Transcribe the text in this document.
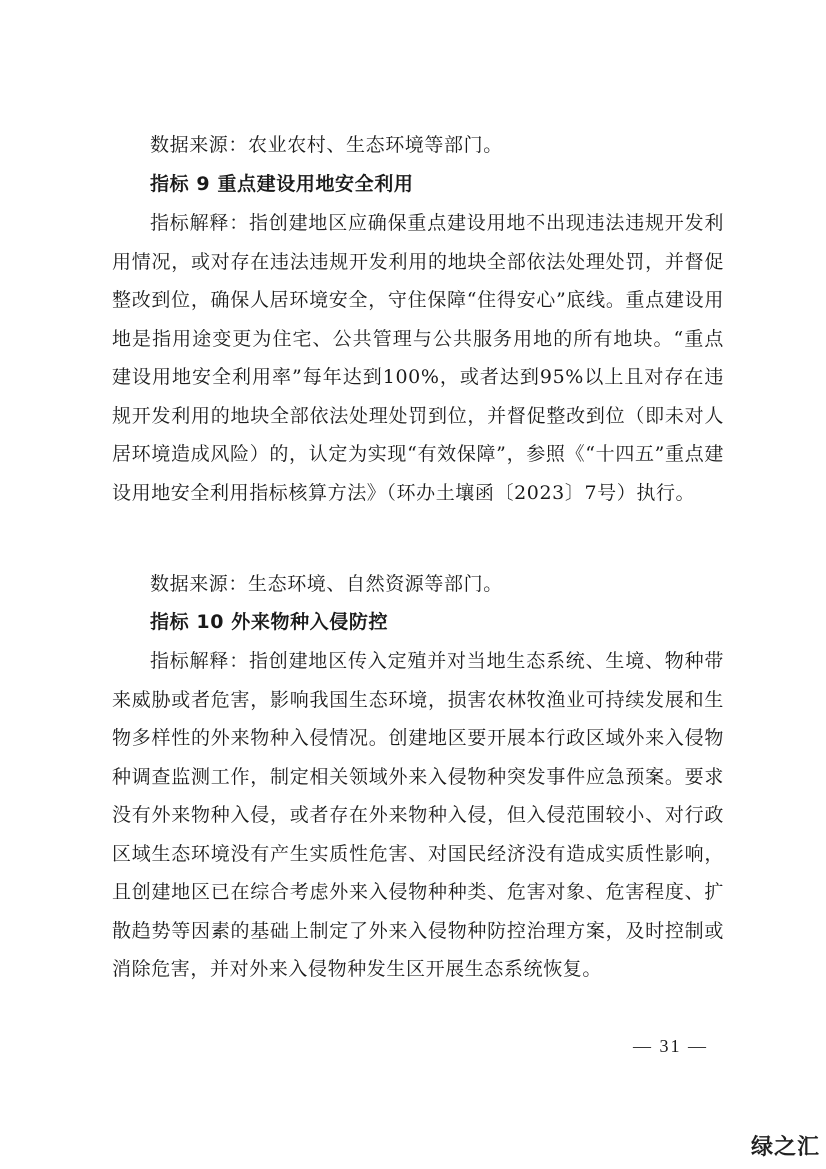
数据来源：农业农村、生态环境等部门。

指标 9 重点建设用地安全利用

指标解释：指创建地区应确保重点建设用地不出现违法违规开发利用情况，或对存在违法违规开发利用的地块全部依法处理处罚，并督促整改到位，确保人居环境安全，守住保障“住得安心”底线。重点建设用地是指用途变更为住宅、公共管理与公共服务用地的所有地块。“重点建设用地安全利用率”每年达到100%，或者达到95%以上且对存在违规开发利用的地块全部依法处理处罚到位，并督促整改到位（即未对人居环境造成风险）的，认定为实现“有效保障”，参照《“十四五”重点建设用地安全利用指标核算方法》（环办土壤函〔2023〕7号）执行。

数据来源：生态环境、自然资源等部门。

指标 10 外来物种入侵防控

指标解释：指创建地区传入定殖并对当地生态系统、生境、物种带来威胁或者危害，影响我国生态环境，损害农林牧渔业可持续发展和生物多样性的外来物种入侵情况。创建地区要开展本行政区域外来入侵物种调查监测工作，制定相关领域外来入侵物种突发事件应急预案。要求没有外来物种入侵，或者存在外来物种入侵，但入侵范围较小、对行政区域生态环境没有产生实质性危害、对国民经济没有造成实质性影响，且创建地区已在综合考虑外来入侵物种种类、危害对象、危害程度、扩散趋势等因素的基础上制定了外来入侵物种防控治理方案，及时控制或消除危害，并对外来入侵物种发生区开展生态系统恢复。

— 31 —
绿之汇
